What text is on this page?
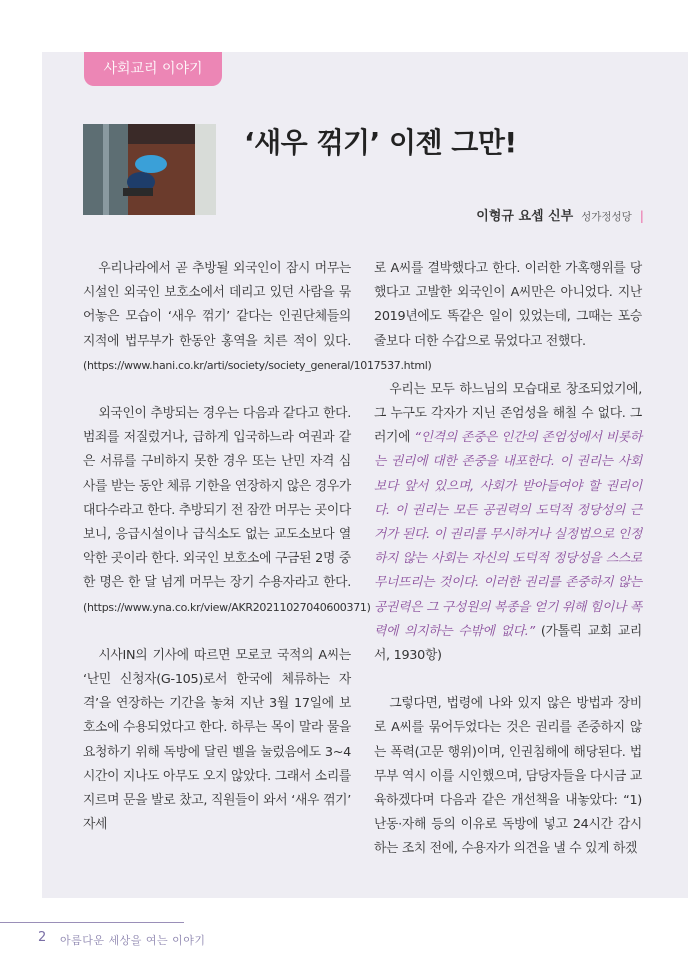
사회교리 이야기
‘새우 꺾기’ 이젠 그만!
이형규 요셉 신부 성가정성당 |

우리나라에서 곧 추방될 외국인이 잠시 머무는 시설인 외국인 보호소에서 데리고 있던 사람을 묶어놓은 모습이 ‘새우 꺾기’ 같다는 인권단체들의 지적에 법무부가 한동안 홍역을 치른 적이 있다. (https://www.hani.co.kr/arti/society/society_general/1017537.html)

외국인이 추방되는 경우는 다음과 같다고 한다. 범죄를 저질렀거나, 급하게 입국하느라 여권과 같은 서류를 구비하지 못한 경우 또는 난민 자격 심사를 받는 동안 체류 기한을 연장하지 않은 경우가 대다수라고 한다. 추방되기 전 잠깐 머무는 곳이다 보니, 응급시설이나 급식소도 없는 교도소보다 열악한 곳이라 한다. 외국인 보호소에 구금된 2명 중 한 명은 한 달 넘게 머무는 장기 수용자라고 한다. (https://www.yna.co.kr/view/AKR20211027040600371)

시사IN의 기사에 따르면 모로코 국적의 A씨는 ‘난민 신청자(G-105)로서 한국에 체류하는 자격’을 연장하는 기간을 놓쳐 지난 3월 17일에 보호소에 수용되었다고 한다. 하루는 목이 말라 물을 요청하기 위해 독방에 달린 벨을 눌렀음에도 3~4시간이 지나도 아무도 오지 않았다. 그래서 소리를 지르며 문을 발로 찼고, 직원들이 와서 ‘새우 꺾기’ 자세

로 A씨를 결박했다고 한다. 이러한 가혹행위를 당했다고 고발한 외국인이 A씨만은 아니었다. 지난 2019년에도 똑같은 일이 있었는데, 그때는 포승줄보다 더한 수갑으로 묶었다고 전했다.

우리는 모두 하느님의 모습대로 창조되었기에, 그 누구도 각자가 지닌 존엄성을 해칠 수 없다. 그러기에 “인격의 존중은 인간의 존엄성에서 비롯하는 권리에 대한 존중을 내포한다. 이 권리는 사회보다 앞서 있으며, 사회가 받아들여야 할 권리이다. 이 권리는 모든 공권력의 도덕적 정당성의 근거가 된다. 이 권리를 무시하거나 실정법으로 인정하지 않는 사회는 자신의 도덕적 정당성을 스스로 무너뜨리는 것이다. 이러한 권리를 존중하지 않는 공권력은 그 구성원의 복종을 얻기 위해 힘이나 폭력에 의지하는 수밖에 없다.” (가톨릭 교회 교리서, 1930항)

그렇다면, 법령에 나와 있지 않은 방법과 장비로 A씨를 묶어두었다는 것은 권리를 존중하지 않는 폭력(고문 행위)이며, 인권침해에 해당된다. 법무부 역시 이를 시인했으며, 담당자들을 다시금 교육하겠다며 다음과 같은 개선책을 내놓았다: “1) 난동·자해 등의 이유로 독방에 넣고 24시간 감시하는 조치 전에, 수용자가 의견을 낼 수 있게 하겠

2 아름다운 세상을 여는 이야기
